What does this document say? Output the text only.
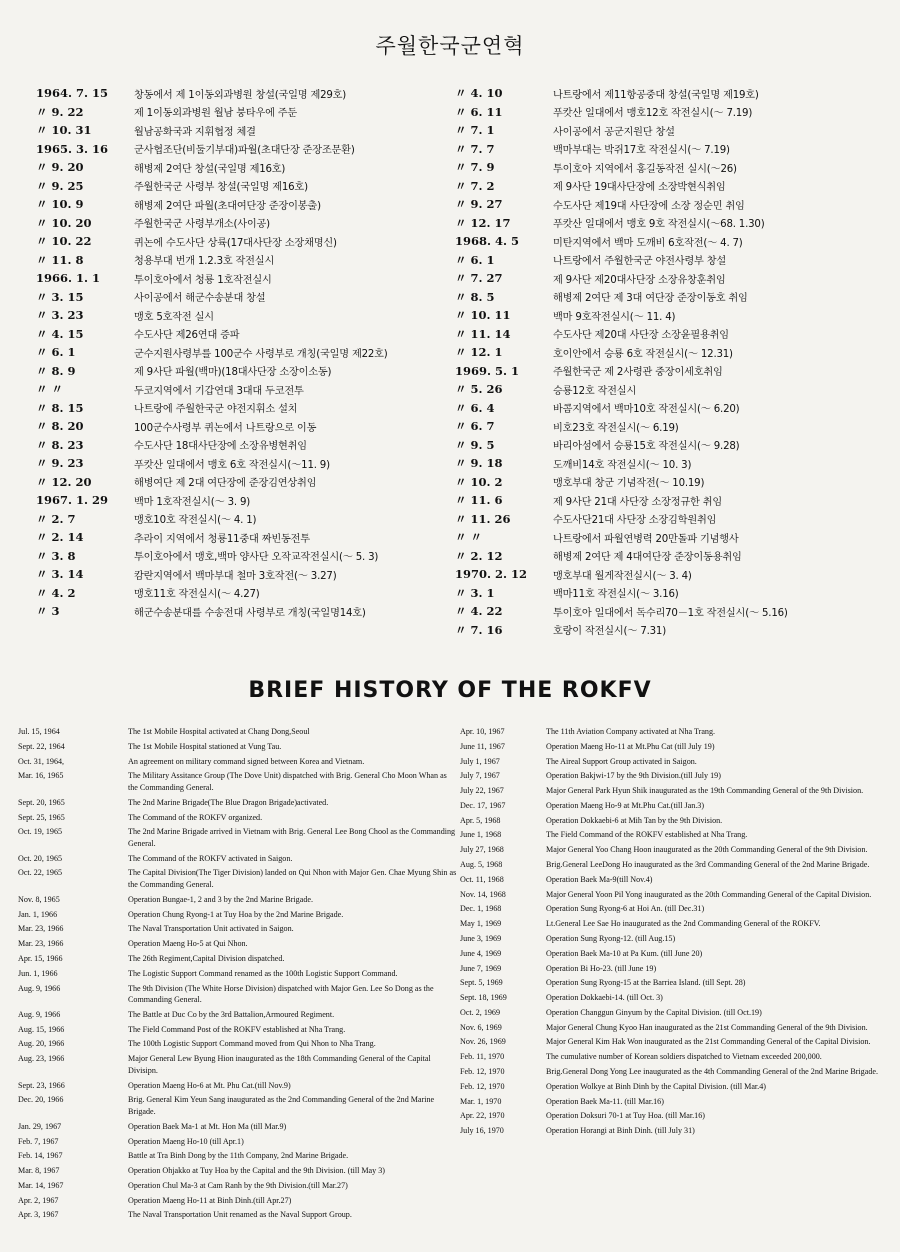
주월한국군연혁
1964. 7. 15	창동에서 제 1이동외과병원 창설(국일명 제29호)
〃 9. 22	제 1이동외과병원 월남 붕타우에 주둔
〃 10. 31	월남공화국과 지휘협정 체결
1965. 3. 16	군사협조단(비둘기부대)파월(초대단장 준장조문환)
〃 9. 20	해병제 2여단 창설(국일명 제16호)
〃 9. 25	주월한국군 사령부 창설(국일명 제16호)
〃 10. 9	해병제 2여단 파월(초대여단장 준장이봉출)
〃 10. 20	주월한국군 사령부개소(사이공)
〃 10. 22	퀴논에 수도사단 상륙(17대사단장 소장채명신)
〃 11. 8	청용부대 번개 1.2.3호 작전실시
1966. 1. 1	투이호아에서 청룡 1호작전실시
〃 3. 15	사이공에서 해군수송분대 창설
〃 3. 23	맹호 5호작전 실시
〃 4. 15	수도사단 제26연대 증파
〃 6. 1	군수지원사령부를 100군수 사령부로 개칭(국일명 제22호)
〃 8. 9	제 9사단 파월(백마)(18대사단장 소장이소동)
〃 〃	두코지역에서 기갑연대 3대대 두코전투
〃 8. 15	나트랑에 주월한국군 야전지휘소 설치
〃 8. 20	100군수사령부 퀴논에서 나트랑으로 이동
〃 8. 23	수도사단 18대사단장에 소장유병현취임
〃 9. 23	푸캇산 일대에서 맹호 6호 작전실시(～11. 9)
〃 12. 20	해병여단 제 2대 여단장에 준장김연상취임
1967. 1. 29	백마 1호작전실시(～ 3. 9)
〃 2. 7	맹호10호 작전실시(～ 4. 1)
〃 2. 14	추라이 지역에서 청룡11중대 짜빈동전투
〃 3. 8	투이호아에서 맹호,백마 양사단 오작교작전실시(～ 5. 3)
〃 3. 14	캄란지역에서 백마부대 철마 3호작전(～ 3.27)
〃 4. 2	맹호11호 작전실시(～ 4.27)
〃 3	해군수송분대를 수송전대 사령부로 개칭(국일명14호)
〃 4. 10	나트랑에서 제11항공중대 창설(국일명 제19호)
〃 6. 11	푸캇산 일대에서 맹호12호 작전실시(～ 7.19)
〃 7. 1	사이공에서 공군지원단 창설
〃 7. 7	백마부대는 박쥐17호 작전실시(～ 7.19)
〃 7. 9	투이호아 지역에서 홍길동작전 실시(～26)
〃 7. 2	제 9사단 19대사단장에 소장박현식취임
〃 9. 27	수도사단 제19대 사단장에 소장 정순민 취임
〃 12. 17	푸캇산 일대에서 맹호 9호 작전실시(～68. 1.30)
1968. 4. 5	미탄지역에서 백마 도깨비 6호작전(～ 4. 7)
〃 6. 1	나트랑에서 주월한국군 야전사령부 창설
〃 7. 27	제 9사단 제20대사단장 소장유창훈취임
〃 8. 5	해병제 2여단 제 3대 여단장 준장이동호 취임
〃 10. 11	백마 9호작전실시(～ 11. 4)
〃 11. 14	수도사단 제20대 사단장 소장윤필용취임
〃 12. 1	호이안에서 승룡 6호 작전실시(～ 12.31)
1969. 5. 1	주월한국군 제 2사령관 중장이세호취임
〃 5. 26	승룡12호 작전실시
〃 6. 4	바콤지역에서 백마10호 작전실시(～ 6.20)
〃 6. 7	비호23호 작전실시(～ 6.19)
〃 9. 5	바리아섬에서 승룡15호 작전실시(～ 9.28)
〃 9. 18	도깨비14호 작전실시(～ 10. 3)
〃 10. 2	맹호부대 창군 기념작전(～ 10.19)
〃 11. 6	제 9사단 21대 사단장 소장정규한 취임
〃 11. 26	수도사단21대 사단장 소장김학원취임
〃 〃	나트랑에서 파월연병력 20만돌파 기념행사
〃 2. 12	해병제 2여단 제 4대여단장 준장이동용취임
1970. 2. 12	맹호부대 월게작전실시(～ 3. 4)
〃 3. 1	백마11호 작전실시(～ 3.16)
〃 4. 22	투이호아 일대에서 독수리70－1호 작전실시(～ 5.16)
〃 7. 16	호랑이 작전실시(～ 7.31)
BRIEF HISTORY OF THE ROKFV
Jul. 15, 1964	The 1st Mobile Hospital activated at Chang Dong,Seoul
Sept. 22, 1964	The 1st Mobile Hospital stationed at Vung Tau.
Oct. 31, 1964,	An agreement on military command signed between Korea and Vietnam.
Mar. 16, 1965	The Military Assitance Group (The Dove Unit) dispatched with Brig. General Cho Moon Whan as the Commanding General.
Sept. 20, 1965	The 2nd Marine Brigade(The Blue Dragon Brigade)activated.
Sept. 25, 1965	The Command of the ROKFV organized.
Oct. 19, 1965	The 2nd Marine Brigade arrived in Vietnam with Brig. General Lee Bong Chool as the Commanding General.
Oct. 20, 1965	The Command of the ROKFV activated in Saigon.
Oct. 22, 1965	The Capital Division(The Tiger Division) landed on Qui Nhon with Major Gen. Chae Myung Shin as the Commanding General.
Nov. 8, 1965	Operation Bungae-1, 2 and 3 by the 2nd Marine Brigade.
Jan. 1, 1966	Operation Chung Ryong-1 at Tuy Hoa by the 2nd Marine Brigade.
Mar. 23, 1966	The Naval Transportation Unit activated in Saigon.
Mar. 23, 1966	Operation Maeng Ho-5 at Qui Nhon.
Apr. 15, 1966	The 26th Regiment,Capital Division dispatched.
Jun. 1, 1966	The Logistic Support Command renamed as the 100th Logistic Support Command.
Aug. 9, 1966	The 9th Division (The White Horse Division) dispatched with Major Gen. Lee So Dong as the Commanding General.
Aug. 9, 1966	The Battle at Duc Co by the 3rd Battalion,Armoured Regiment.
Aug. 15, 1966	The Field Command Post of the ROKFV established at Nha Trang.
Aug. 20, 1966	The 100th Logistic Support Command moved from Qui Nhon to Nha Trang.
Aug. 23, 1966	Major General Lew Byung Hion inaugurated as the 18th Commanding General of the Capital Divisipn.
Sept. 23, 1966	Operation Maeng Ho-6 at Mt. Phu Cat.(till Nov.9)
Dec. 20, 1966	Brig. General Kim Yeun Sang inaugurated as the 2nd Commanding General of the 2nd Marine Brigade.
Jan. 29, 1967	Operation Baek Ma-1 at Mt. Hon Ma (till Mar.9)
Feb. 7, 1967	Operation Maeng Ho-10 (till Apr.1)
Feb. 14, 1967	Battle at Tra Binh Dong by the 11th Company, 2nd Marine Brigade.
Mar. 8, 1967	Operation Ohjakko at Tuy Hoa by the Capital and the 9th Division. (till May 3)
Mar. 14, 1967	Operation Chul Ma-3 at Cam Ranh by the 9th Division.(till Mar.27)
Apr. 2, 1967	Operation Maeng Ho-11 at Binh Dinh.(till Apr.27)
Apr. 3, 1967	The Naval Transportation Unit renamed as the Naval Support Group.
Apr. 10, 1967	The 11th Aviation Company activated at Nha Trang.
June 11, 1967	Operation Maeng Ho-11 at Mt.Phu Cat (till July 19)
July 1, 1967	The Aireal Support Group activated in Saigon.
July 7, 1967	Operation Bakjwi-17 by the 9th Division.(till July 19)
July 22, 1967	Major General Park Hyun Shik inaugurated as the 19th Commanding General of the 9th Division.
Dec. 17, 1967	Operation Maeng Ho-9 at Mt.Phu Cat.(till Jan.3)
Apr. 5, 1968	Operation Dokkaebi-6 at Mih Tan by the 9th Division.
June 1, 1968	The Field Command of the ROKFV established at Nha Trang.
July 27, 1968	Major General Yoo Chang Hoon inaugurated as the 20th Commanding General of the 9th Division.
Aug. 5, 1968	Brig.General LeeDong Ho inaugurated as the 3rd Commanding General of the 2nd Marine Brigade.
Oct. 11, 1968	Operation Baek Ma-9(till Nov.4)
Nov. 14, 1968	Major General Yoon Pil Yong inaugurated as the 20th Commanding General of the Capital Division.
Dec. 1, 1968	Operation Sung Ryong-6 at Hoi An. (till Dec.31)
May 1, 1969	Lt.General Lee Sae Ho inaugurated as the 2nd Commanding General of the ROKFV.
June 3, 1969	Operation Sung Ryong-12. (till Aug.15)
June 4, 1969	Operation Baek Ma-10 at Pa Kum. (till June 20)
June 7, 1969	Operation Bi Ho-23. (till June 19)
Sept. 5, 1969	Operation Sung Ryong-15 at the Barriea Island. (till Sept. 28)
Sept. 18, 1969	Operation Dokkaebi-14. (till Oct. 3)
Oct. 2, 1969	Operation Changgun Ginyum by the Capital Division. (till Oct.19)
Nov. 6, 1969	Major General Chung Kyoo Han inaugurated as the 21st Commanding General of the 9th Division.
Nov. 26, 1969	Major General Kim Hak Won inaugurated as the 21st Commanding General of the Capital Division.
Feb. 11, 1970	The cumulative number of Korean soldiers dispatched to Vietnam exceeded 200,000.
Feb. 12, 1970	Brig.General Dong Yong Lee inaugurated as the 4th Commanding General of the 2nd Marine Brigade.
Feb. 12, 1970	Operation Wolkye at Binh Dinh by the Capital Division. (till Mar.4)
Mar. 1, 1970	Operation Baek Ma-11. (till Mar.16)
Apr. 22, 1970	Operation Doksuri 70-1 at Tuy Hoa. (till Mar.16)
July 16, 1970	Operation Horangi at Binh Dinh. (till July 31)
